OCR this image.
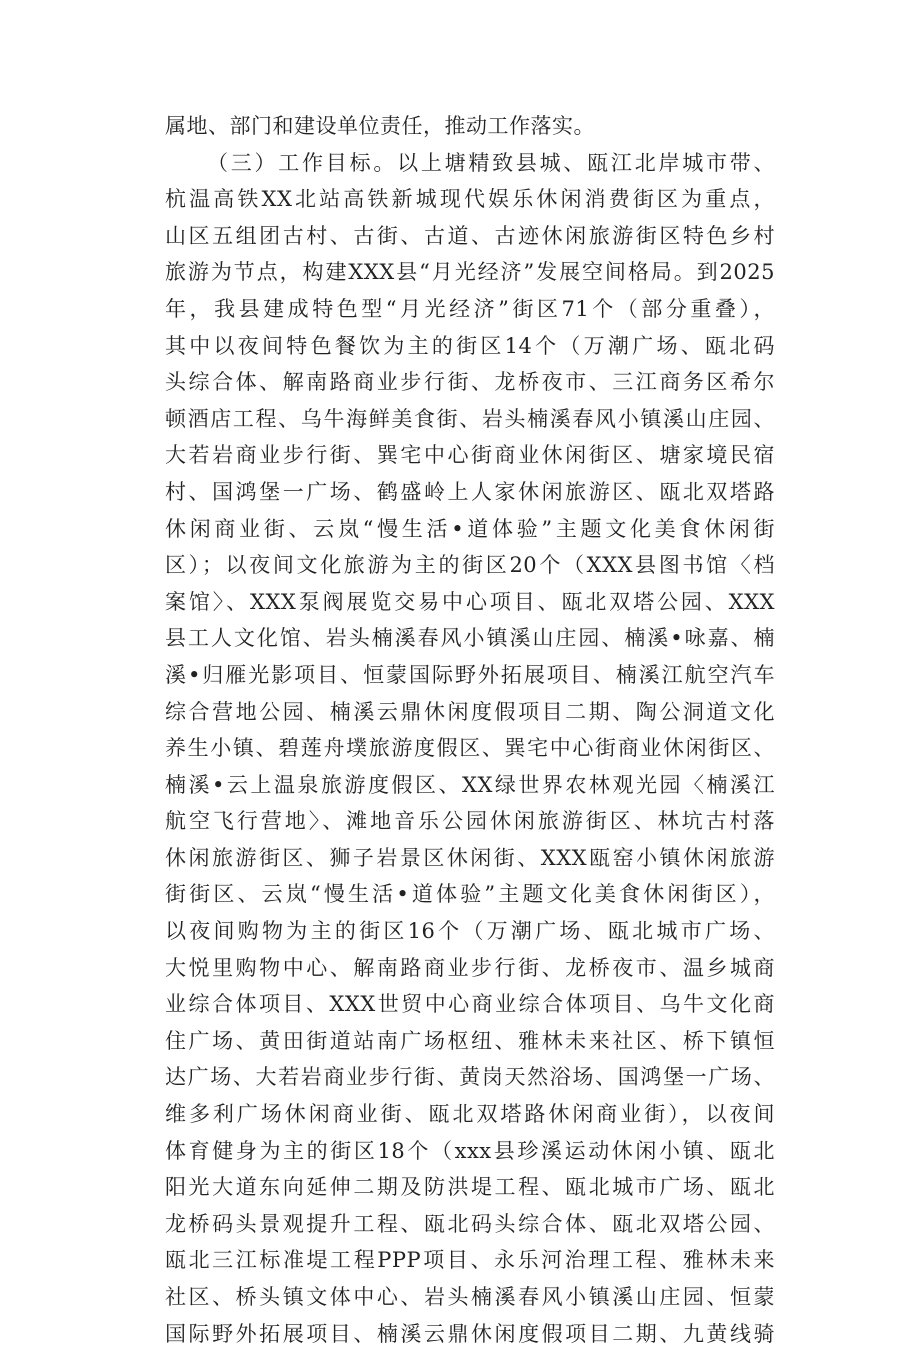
属地、部门和建设单位责任，推动工作落实。
（三）工作目标。以上塘精致县城、瓯江北岸城市带、
杭温高铁XX北站高铁新城现代娱乐休闲消费街区为重点，
山区五组团古村、古街、古道、古迹休闲旅游街区特色乡村
旅游为节点，构建XXX县“月光经济”发展空间格局。到2025
年，我县建成特色型“月光经济”街区71个（部分重叠），
其中以夜间特色餐饮为主的街区14个（万潮广场、瓯北码
头综合体、解南路商业步行街、龙桥夜市、三江商务区希尔
顿酒店工程、乌牛海鲜美食街、岩头楠溪春风小镇溪山庄园、
大若岩商业步行街、巽宅中心街商业休闲街区、塘家境民宿
村、国鸿堡一广场、鹤盛岭上人家休闲旅游区、瓯北双塔路
休闲商业街、云岚“慢生活•道体验”主题文化美食休闲街
区）；以夜间文化旅游为主的街区20个（XXX县图书馆〈档
案馆〉、XXX泵阀展览交易中心项目、瓯北双塔公园、XXX
县工人文化馆、岩头楠溪春风小镇溪山庄园、楠溪•咏嘉、楠
溪•归雁光影项目、恒蒙国际野外拓展项目、楠溪江航空汽车
综合营地公园、楠溪云鼎休闲度假项目二期、陶公洞道文化
养生小镇、碧莲舟墣旅游度假区、巽宅中心街商业休闲街区、
楠溪•云上温泉旅游度假区、XX绿世界农林观光园〈楠溪江
航空飞行营地〉、滩地音乐公园休闲旅游街区、林坑古村落
休闲旅游街区、狮子岩景区休闲街、XXX瓯窑小镇休闲旅游
街街区、云岚“慢生活•道体验”主题文化美食休闲街区），
以夜间购物为主的街区16个（万潮广场、瓯北城市广场、
大悦里购物中心、解南路商业步行街、龙桥夜市、温乡城商
业综合体项目、XXX世贸中心商业综合体项目、乌牛文化商
住广场、黄田街道站南广场枢纽、雅林未来社区、桥下镇恒
达广场、大若岩商业步行街、黄岗天然浴场、国鸿堡一广场、
维多利广场休闲商业街、瓯北双塔路休闲商业街），以夜间
体育健身为主的街区18个（xxx县珍溪运动休闲小镇、瓯北
阳光大道东向延伸二期及防洪堤工程、瓯北城市广场、瓯北
龙桥码头景观提升工程、瓯北码头综合体、瓯北双塔公园、
瓯北三江标准堤工程PPP项目、永乐河治理工程、雅林未来
社区、桥头镇文体中心、岩头楠溪春风小镇溪山庄园、恒蒙
国际野外拓展项目、楠溪云鼎休闲度假项目二期、九黄线骑
